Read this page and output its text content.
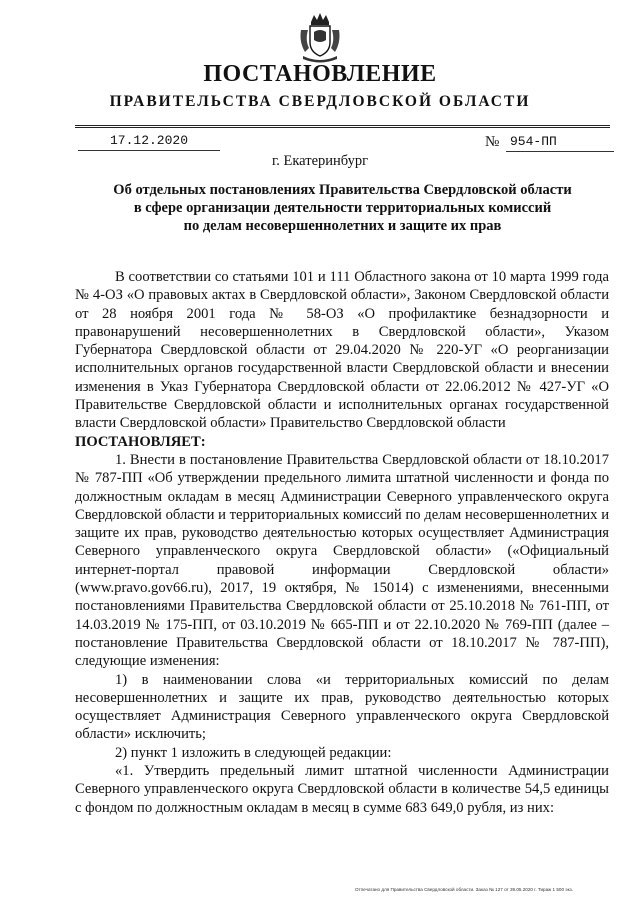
ПОСТАНОВЛЕНИЕ
ПРАВИТЕЛЬСТВА СВЕРДЛОВСКОЙ ОБЛАСТИ
17.12.2020	№ 954-ПП
г. Екатеринбург
Об отдельных постановлениях Правительства Свердловской области
в сфере организации деятельности территориальных комиссий
по делам несовершеннолетних и защите их прав

В соответствии со статьями 101 и 111 Областного закона от 10 марта 1999 года № 4-ОЗ «О правовых актах в Свердловской области», Законом Свердловской области от 28 ноября 2001 года № 58-ОЗ «О профилактике безнадзорности и правонарушений несовершеннолетних в Свердловской области», Указом Губернатора Свердловской области от 29.04.2020 № 220-УГ «О реорганизации исполнительных органов государственной власти Свердловской области и внесении изменения в Указ Губернатора Свердловской области от 22.06.2012 № 427-УГ «О Правительстве Свердловской области и исполнительных органах государственной власти Свердловской области» Правительство Свердловской области

ПОСТАНОВЛЯЕТ:

1. Внести в постановление Правительства Свердловской области от 18.10.2017 № 787-ПП «Об утверждении предельного лимита штатной численности и фонда по должностным окладам в месяц Администрации Северного управленческого округа Свердловской области и территориальных комиссий по делам несовершеннолетних и защите их прав, руководство деятельностью которых осуществляет Администрация Северного управленческого округа Свердловской области» («Официальный интернет-портал правовой информации Свердловской области» (www.pravo.gov66.ru), 2017, 19 октября, № 15014) с изменениями, внесенными постановлениями Правительства Свердловской области от 25.10.2018 № 761-ПП, от 14.03.2019 № 175-ПП, от 03.10.2019 № 665-ПП и от 22.10.2020 № 769-ПП (далее – постановление Правительства Свердловской области от 18.10.2017 № 787-ПП), следующие изменения:

1) в наименовании слова «и территориальных комиссий по делам несовершеннолетних и защите их прав, руководство деятельностью которых осуществляет Администрация Северного управленческого округа Свердловской области» исключить;

2) пункт 1 изложить в следующей редакции:

«1. Утвердить предельный лимит штатной численности Администрации Северного управленческого округа Свердловской области в количестве 54,5 единицы с фондом по должностным окладам в месяц в сумме 683 649,0 рубля, из них:

Отпечатано для Правительства Свердловской области. Заказ № 127 от 39.05.2020 г. Тираж 1 500 экз.
